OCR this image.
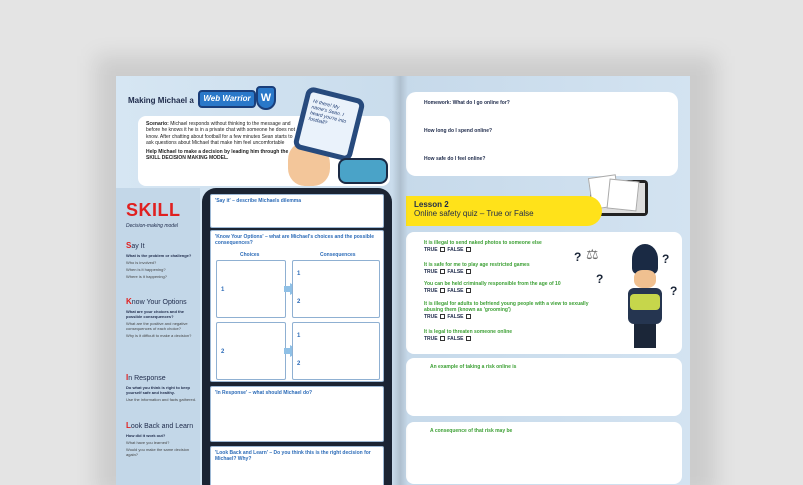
Making Michael a	Web Warrior W

Scenario: Michael responds without thinking to the message and before he knows it he is in a private chat with someone he does not know. After chatting about football for a few minutes Sean starts to ask questions about Michael that make him feel uncomfortable

Help Michael to make a decision by leading him through the SKILL DECISION MAKING MODEL.

Hi there! My name's Sean. I heard you're into football?
SKILL
Decision-making model
Say It
What is the problem or challenge?
Who is involved?
When is it happening?
Where is it happening?
Know Your Options
What are your choices and the possible consequences?
What are the positive and negative consequences of each choice?
Why is it difficult to make a decision?
In Response
Do what you think is right to keep yourself safe and healthy.
Use the information and facts gathered.
Look Back and Learn
How did it work out?
What have you learned?
Would you make the same decision again?
'Say it' – describe Michaels dilemma
'Know Your Options' – what are Michael's choices and the possible consequences?
Choices	Consequences
1
2
1
2
1
2
'In Response' – what should Michael do?
'Look Back and Learn' – Do you think this is the right decision for Michael? Why?
Homework: What do I go online for?
How long do I spend online?
How safe do I feel online?
Lesson 2
Online safety quiz – True or False
It is illegal to send naked photos to someone else
TRUE FALSE
It is safe for me to play age restricted games
TRUE FALSE
You can be held criminally responsible from the age of 10
TRUE FALSE
It is illegal for adults to befriend young people with a view to sexually abusing them (known as 'grooming')
TRUE FALSE
It is legal to threaten someone online
TRUE FALSE
⚖
?
?
?
?
An example of taking a risk online is
A consequence of that risk may be
